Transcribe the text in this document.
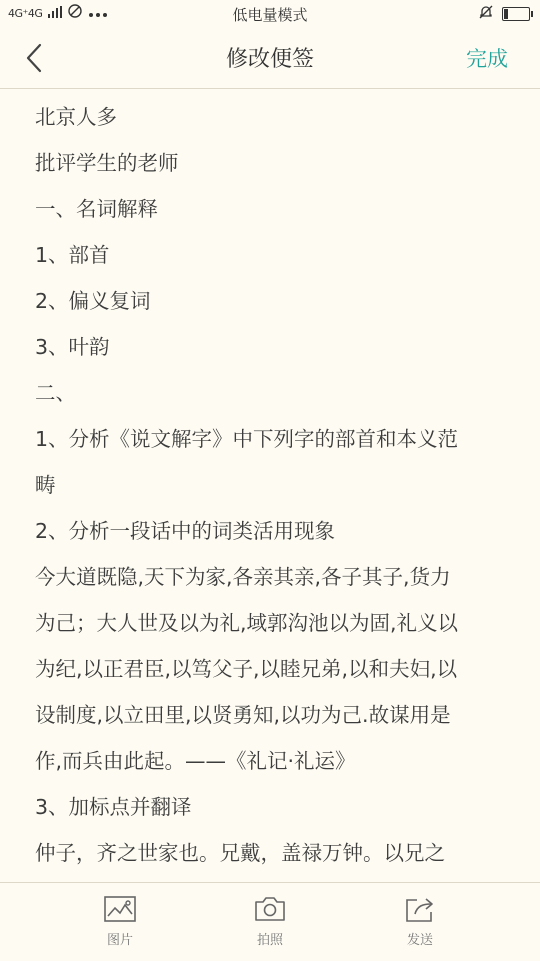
4G⁺4G	低电量模式
修改便签	完成

北京人多

批评学生的老师

一、名词解释

1、部首

2、偏义复词

3、叶韵

二、

1、分析《说文解字》中下列字的部首和本义范

畴

2、分析一段话中的词类活用现象

今大道既隐,天下为家,各亲其亲,各子其子,货力

为己；大人世及以为礼,域郭沟池以为固,礼义以

为纪,以正君臣,以笃父子,以睦兄弟,以和夫妇,以

设制度,以立田里,以贤勇知,以功为己.故谋用是

作,而兵由此起。——《礼记·礼运》

3、加标点并翻译

仲子，齐之世家也。兄戴，盖禄万钟。以兄之

图片	拍照	发送
